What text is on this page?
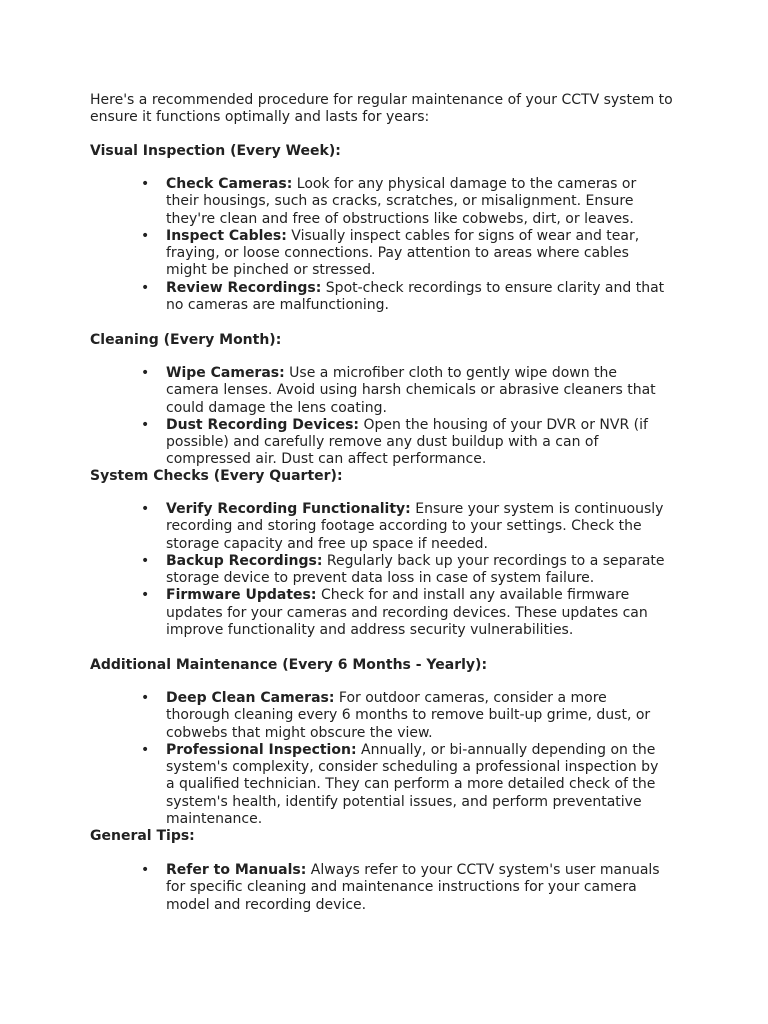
Here's a recommended procedure for regular maintenance of your CCTV system to ensure it functions optimally and lasts for years:

Visual Inspection (Every Week):

• Check Cameras: Look for any physical damage to the cameras or their housings, such as cracks, scratches, or misalignment. Ensure they're clean and free of obstructions like cobwebs, dirt, or leaves.
• Inspect Cables: Visually inspect cables for signs of wear and tear, fraying, or loose connections. Pay attention to areas where cables might be pinched or stressed.
• Review Recordings: Spot-check recordings to ensure clarity and that no cameras are malfunctioning.

Cleaning (Every Month):

• Wipe Cameras: Use a microfiber cloth to gently wipe down the camera lenses. Avoid using harsh chemicals or abrasive cleaners that could damage the lens coating.
• Dust Recording Devices: Open the housing of your DVR or NVR (if possible) and carefully remove any dust buildup with a can of compressed air. Dust can affect performance.

System Checks (Every Quarter):

• Verify Recording Functionality: Ensure your system is continuously recording and storing footage according to your settings. Check the storage capacity and free up space if needed.
• Backup Recordings: Regularly back up your recordings to a separate storage device to prevent data loss in case of system failure.
• Firmware Updates: Check for and install any available firmware updates for your cameras and recording devices. These updates can improve functionality and address security vulnerabilities.

Additional Maintenance (Every 6 Months - Yearly):

• Deep Clean Cameras: For outdoor cameras, consider a more thorough cleaning every 6 months to remove built-up grime, dust, or cobwebs that might obscure the view.
• Professional Inspection: Annually, or bi-annually depending on the system's complexity, consider scheduling a professional inspection by a qualified technician. They can perform a more detailed check of the system's health, identify potential issues, and perform preventative maintenance.

General Tips:

• Refer to Manuals: Always refer to your CCTV system's user manuals for specific cleaning and maintenance instructions for your camera model and recording device.
